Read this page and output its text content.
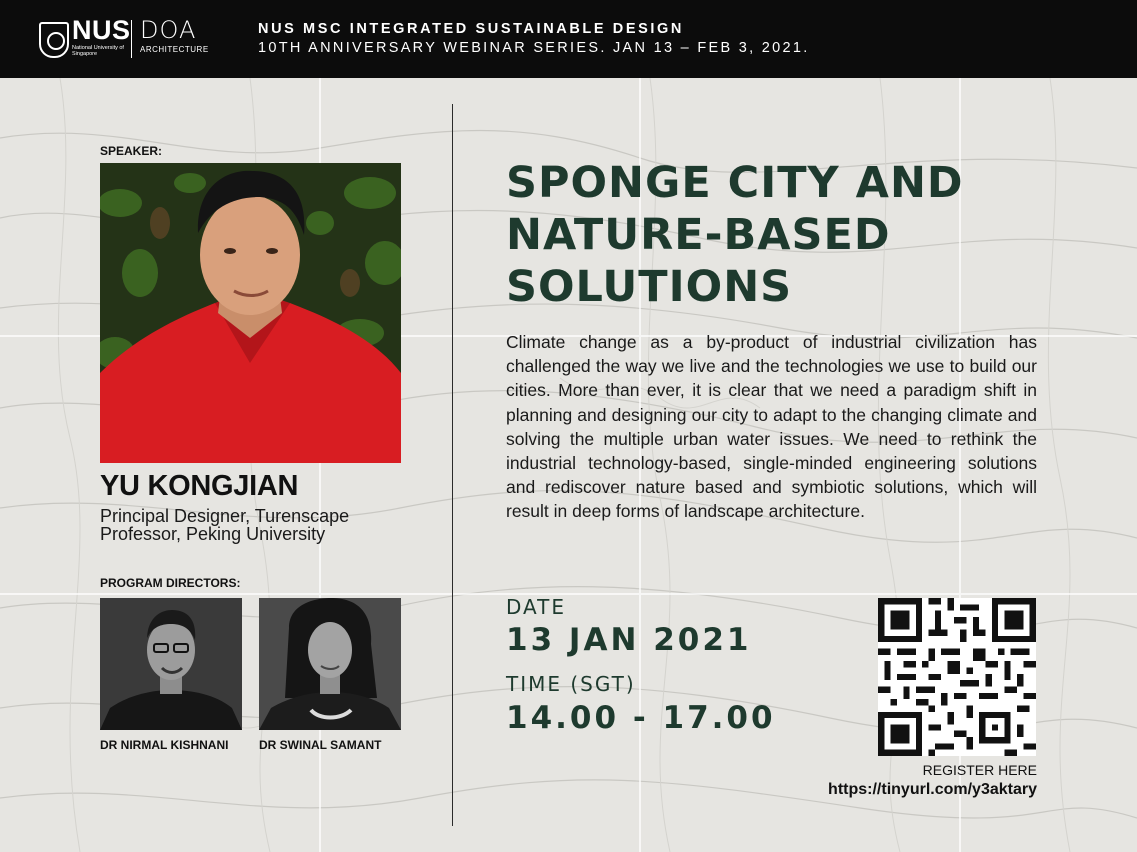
NUS
National University of Singapore
DOA
ARCHITECTURE
NUS MSC INTEGRATED SUSTAINABLE DESIGN
10TH ANNIVERSARY WEBINAR SERIES. JAN 13 – FEB 3, 2021.
SPEAKER:
YU KONGJIAN
Principal Designer, Turenscape
Professor, Peking University
PROGRAM DIRECTORS:
DR NIRMAL KISHNANI	DR SWINAL SAMANT
SPONGE CITY AND
NATURE-BASED
SOLUTIONS
Climate change as a by-product of industrial civilization has challenged the way we live and the technologies we use to build our cities. More than ever, it is clear that we need a paradigm shift in planning and designing our city to adapt to the changing climate and solving the multiple urban water issues. We need to rethink the industrial technology-based, single-minded engineering solutions and rediscover nature based and symbiotic solutions, which will result in deep forms of landscape architecture.
DATE
13 JAN 2021
TIME (SGT)
14.00 - 17.00
REGISTER HERE
https://tinyurl.com/y3aktary
